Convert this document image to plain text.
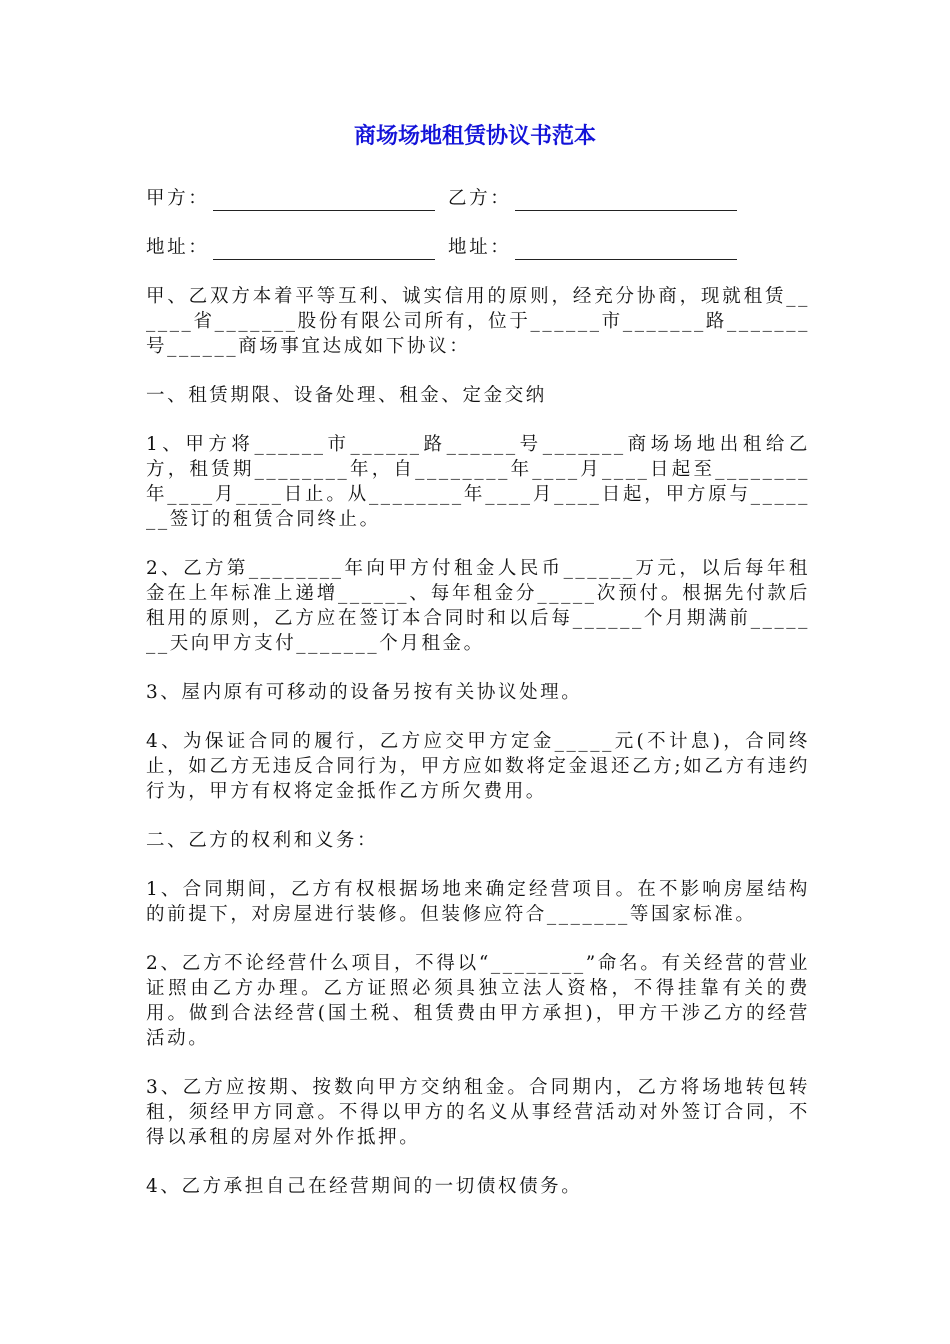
商场场地租赁协议书范本
甲方：	乙方：
地址：	地址：

甲、乙双方本着平等互利、诚实信用的原则，经充分协商，现就租赁______省_______股份有限公司所有，位于______市_______路_______号______商场事宜达成如下协议：

一、租赁期限、设备处理、租金、定金交纳

1、甲方将______市______路______号_______商场场地出租给乙方，租赁期________年，自________年____月____日起至________年____月____日止。从________年____月____日起，甲方原与_______签订的租赁合同终止。

2、乙方第________年向甲方付租金人民币______万元，以后每年租金在上年标准上递增______、每年租金分_____次预付。根据先付款后租用的原则，乙方应在签订本合同时和以后每______个月期满前_______天向甲方支付_______个月租金。

3、屋内原有可移动的设备另按有关协议处理。

4、为保证合同的履行，乙方应交甲方定金_____元(不计息)，合同终止，如乙方无违反合同行为，甲方应如数将定金退还乙方;如乙方有违约行为，甲方有权将定金抵作乙方所欠费用。

二、乙方的权利和义务：

1、合同期间，乙方有权根据场地来确定经营项目。在不影响房屋结构的前提下，对房屋进行装修。但装修应符合_______等国家标准。

2、乙方不论经营什么项目，不得以“________”命名。有关经营的营业证照由乙方办理。乙方证照必须具独立法人资格，不得挂靠有关的费用。做到合法经营(国土税、租赁费由甲方承担)，甲方干涉乙方的经营活动。

3、乙方应按期、按数向甲方交纳租金。合同期内，乙方将场地转包转租，须经甲方同意。不得以甲方的名义从事经营活动对外签订合同，不得以承租的房屋对外作抵押。

4、乙方承担自己在经营期间的一切债权债务。
